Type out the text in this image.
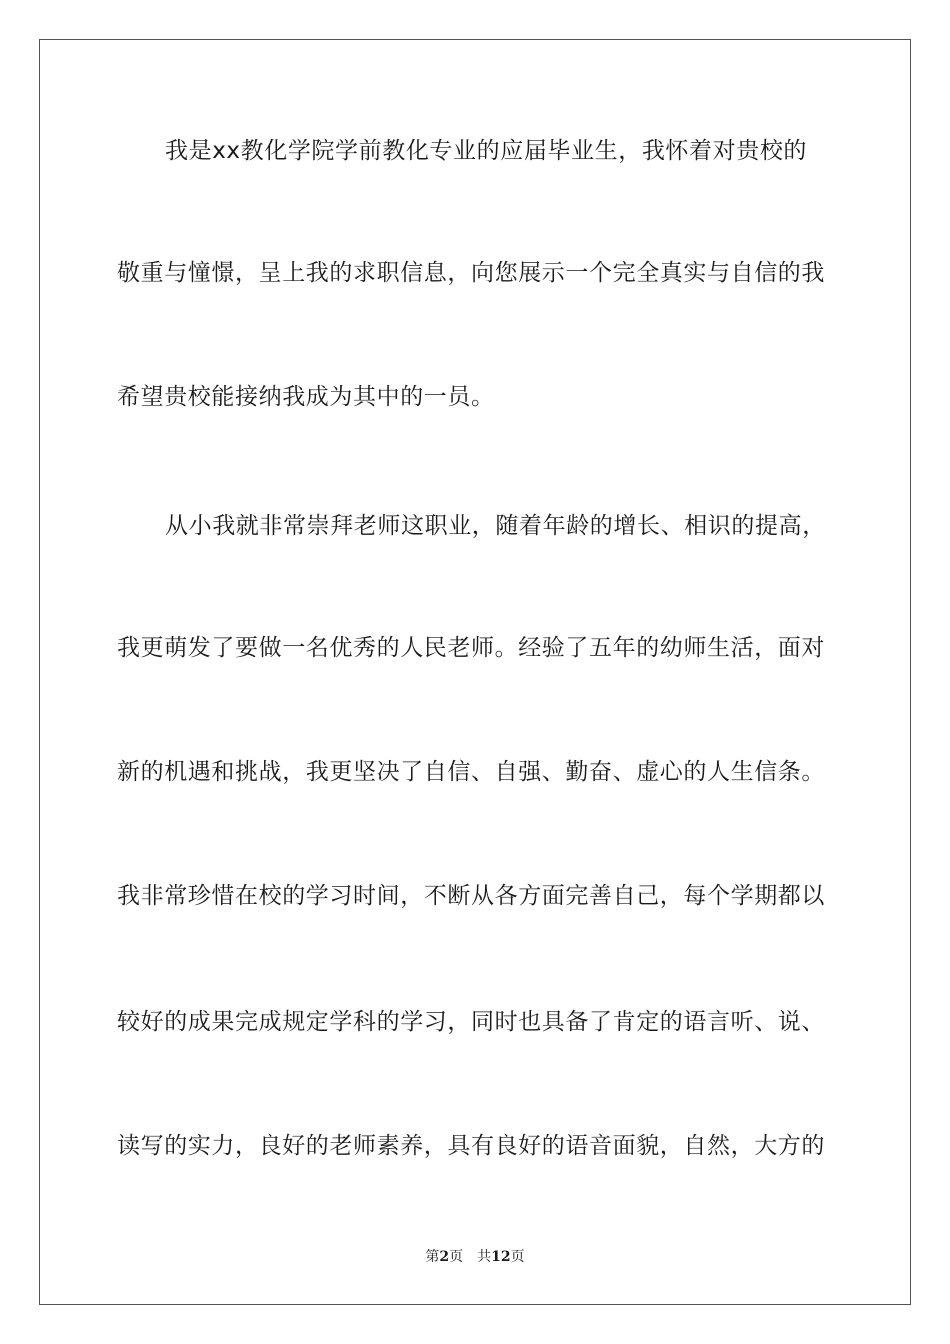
我是xx教化学院学前教化专业的应届毕业生，我怀着对贵校的
敬重与憧憬，呈上我的求职信息，向您展示一个完全真实与自信的我
希望贵校能接纳我成为其中的一员。
从小我就非常崇拜老师这职业，随着年龄的增长、相识的提高，
我更萌发了要做一名优秀的人民老师。经验了五年的幼师生活，面对
新的机遇和挑战，我更坚决了自信、自强、勤奋、虚心的人生信条。
我非常珍惜在校的学习时间，不断从各方面完善自己，每个学期都以
较好的成果完成规定学科的学习，同时也具备了肯定的语言听、说、
读写的实力，良好的老师素养，具有良好的语音面貌，自然，大方的
第2页 共12页
